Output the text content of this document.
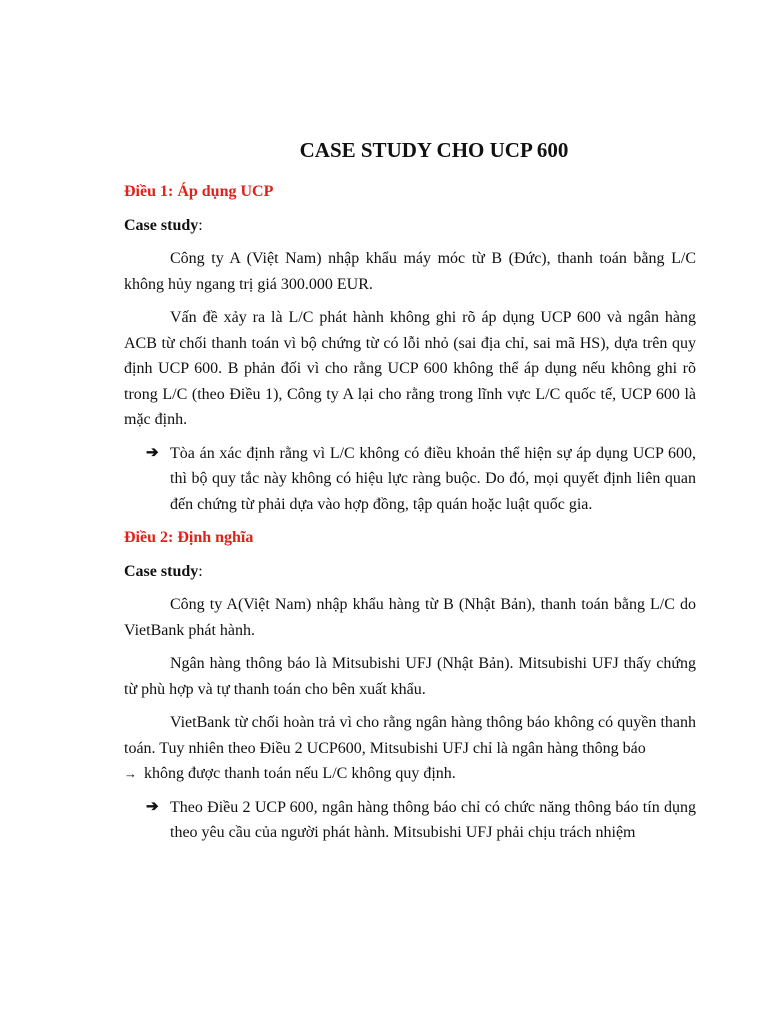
CASE STUDY CHO UCP 600
Điều 1: Áp dụng UCP
Case study:

Công ty A (Việt Nam) nhập khẩu máy móc từ B (Đức), thanh toán bằng L/C không hủy ngang trị giá 300.000 EUR.

Vấn đề xảy ra là L/C phát hành không ghi rõ áp dụng UCP 600 và ngân hàng ACB từ chối thanh toán vì bộ chứng từ có lỗi nhỏ (sai địa chỉ, sai mã HS), dựa trên quy định UCP 600. B phản đối vì cho rằng UCP 600 không thể áp dụng nếu không ghi rõ trong L/C (theo Điều 1), Công ty A lại cho rằng trong lĩnh vực L/C quốc tế, UCP 600 là mặc định.

➔ Tòa án xác định rằng vì L/C không có điều khoản thể hiện sự áp dụng UCP 600, thì bộ quy tắc này không có hiệu lực ràng buộc. Do đó, mọi quyết định liên quan đến chứng từ phải dựa vào hợp đồng, tập quán hoặc luật quốc gia.
Điều 2: Định nghĩa
Case study:

Công ty A(Việt Nam) nhập khẩu hàng từ B (Nhật Bản), thanh toán bằng L/C do VietBank phát hành.

Ngân hàng thông báo là Mitsubishi UFJ (Nhật Bản). Mitsubishi UFJ thấy chứng từ phù hợp và tự thanh toán cho bên xuất khẩu.

VietBank từ chối hoàn trả vì cho rằng ngân hàng thông báo không có quyền thanh toán. Tuy nhiên theo Điều 2 UCP600, Mitsubishi UFJ chỉ là ngân hàng thông báo

→ không được thanh toán nếu L/C không quy định.
➔ Theo Điều 2 UCP 600, ngân hàng thông báo chỉ có chức năng thông báo tín dụng theo yêu cầu của người phát hành. Mitsubishi UFJ phải chịu trách nhiệm
